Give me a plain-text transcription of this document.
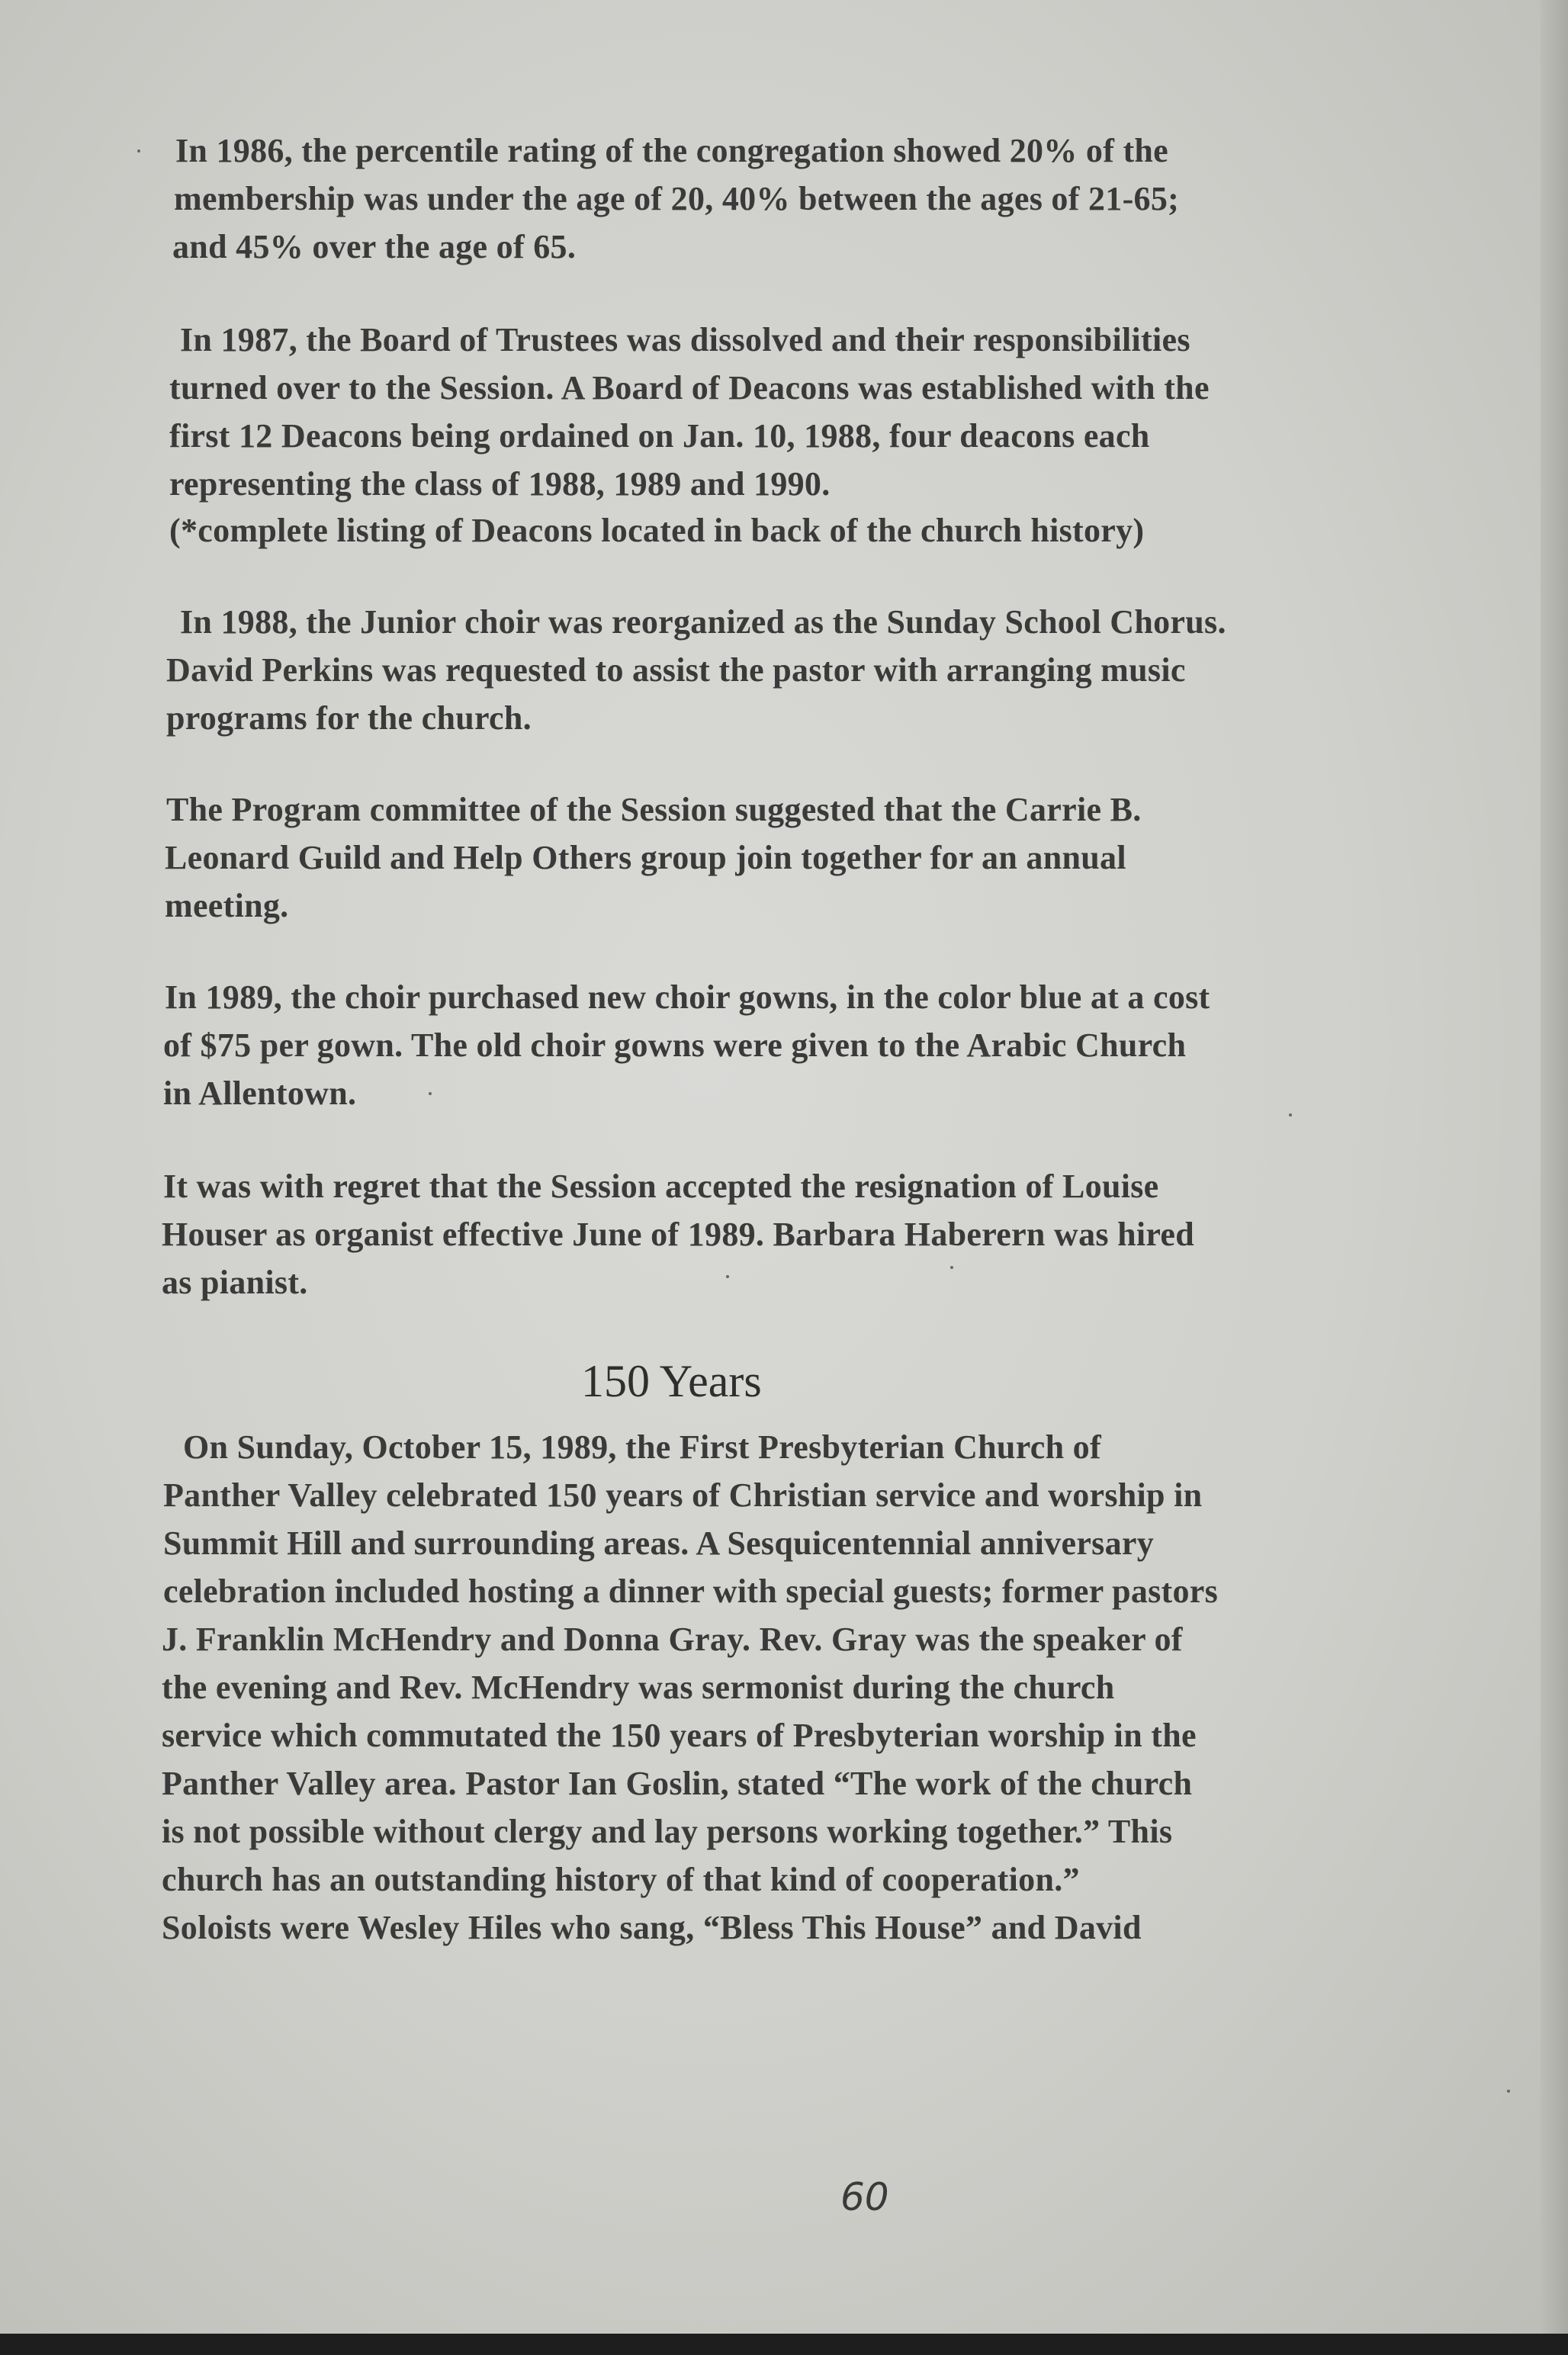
In 1986, the percentile rating of the congregation showed 20% of the
membership was under the age of 20, 40% between the ages of 21-65;
and 45% over the age of 65.
In 1987, the Board of Trustees was dissolved and their responsibilities
turned over to the Session. A Board of Deacons was established with the
first 12 Deacons being ordained on Jan. 10, 1988, four deacons each
representing the class of 1988, 1989 and 1990.
(*complete listing of Deacons located in back of the church history)
In 1988, the Junior choir was reorganized as the Sunday School Chorus.
David Perkins was requested to assist the pastor with arranging music
programs for the church.
The Program committee of the Session suggested that the Carrie B.
Leonard Guild and Help Others group join together for an annual
meeting.
In 1989, the choir purchased new choir gowns, in the color blue at a cost
of $75 per gown. The old choir gowns were given to the Arabic Church
in Allentown.
It was with regret that the Session accepted the resignation of Louise
Houser as organist effective June of 1989. Barbara Haberern was hired
as pianist.
150 Years
On Sunday, October 15, 1989, the First Presbyterian Church of
Panther Valley celebrated 150 years of Christian service and worship in
Summit Hill and surrounding areas. A Sesquicentennial anniversary
celebration included hosting a dinner with special guests; former pastors
J. Franklin McHendry and Donna Gray. Rev. Gray was the speaker of
the evening and Rev. McHendry was sermonist during the church
service which commutated the 150 years of Presbyterian worship in the
Panther Valley area. Pastor Ian Goslin, stated “The work of the church
is not possible without clergy and lay persons working together.” This
church has an outstanding history of that kind of cooperation.”
Soloists were Wesley Hiles who sang, “Bless This House” and David
60
